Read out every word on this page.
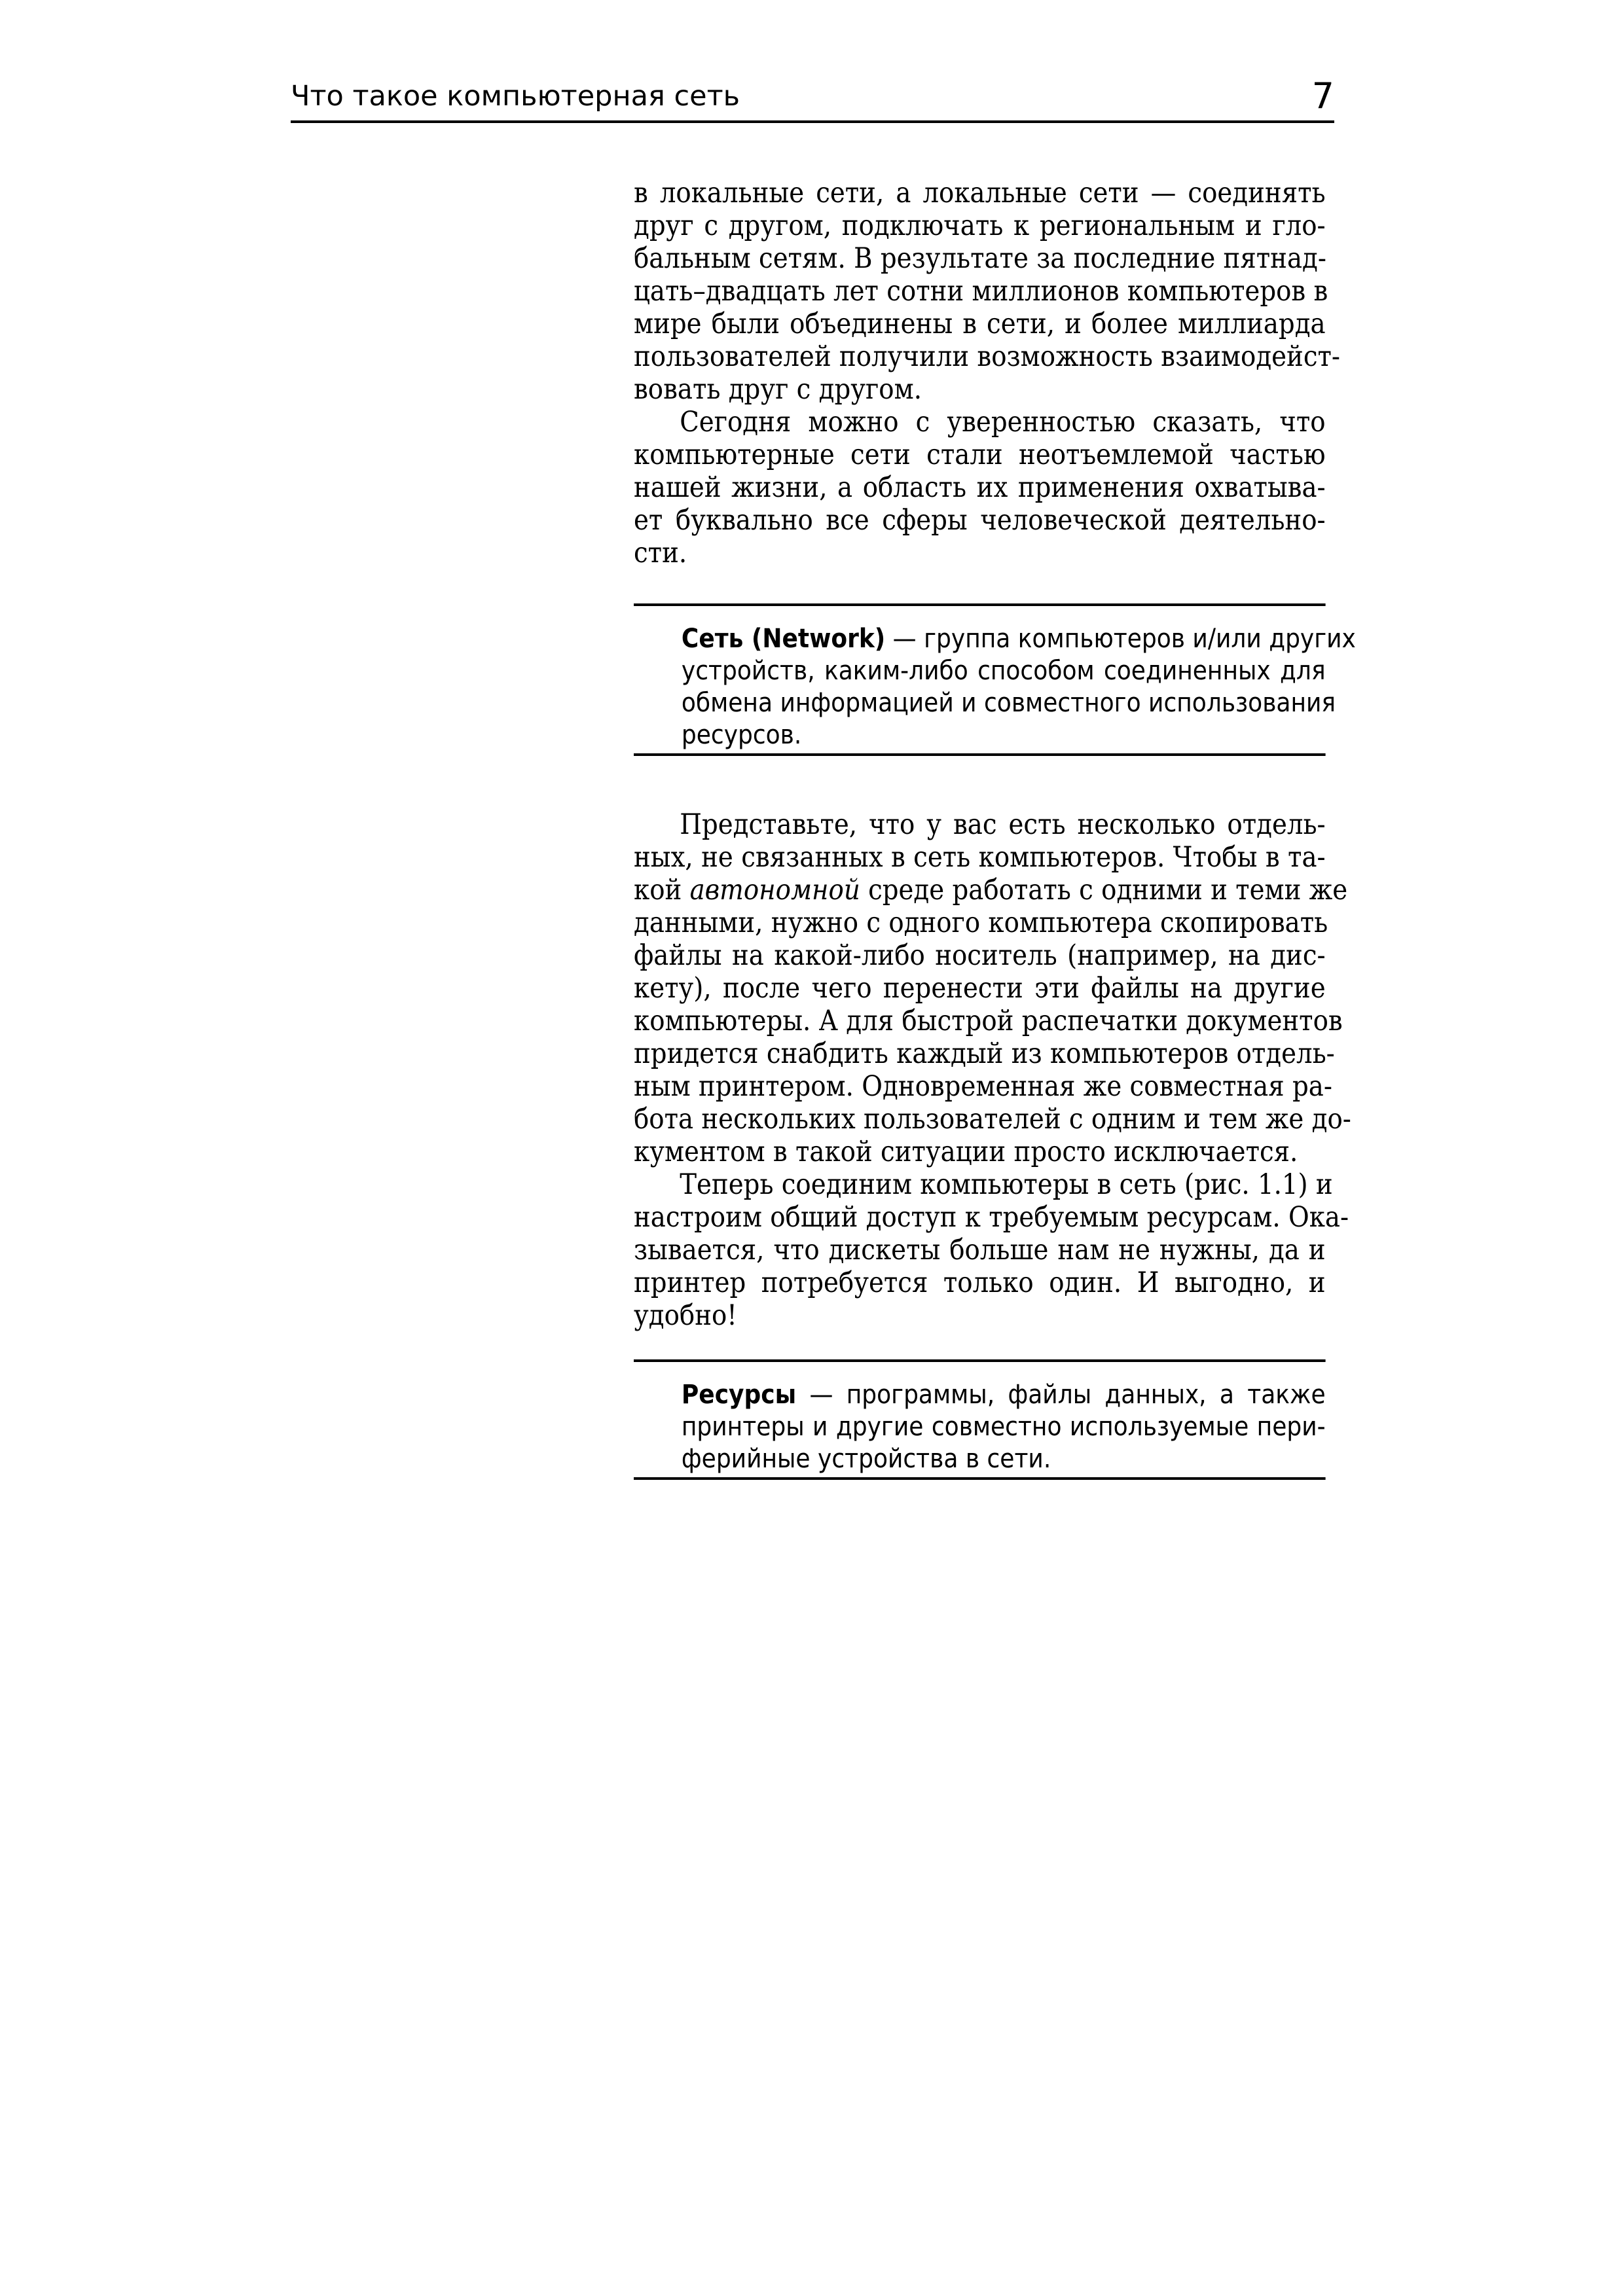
Что такое компьютерная сеть	7
в локальные сети, а локальные сети — соединять
друг с другом, подключать к региональным и гло-
бальным сетям. В результате за последние пятнад-
цать–двадцать лет сотни миллионов компьютеров в
мире были объединены в сети, и более миллиарда
пользователей получили возможность взаимодейст-
вовать друг с другом.
Сегодня можно с уверенностью сказать, что
компьютерные сети стали неотъемлемой частью
нашей жизни, а область их применения охватыва-
ет буквально все сферы человеческой деятельно-
сти.
Сеть (Network) — группа компьютеров и/или других
устройств, каким-либо способом соединенных для
обмена информацией и совместного использования
ресурсов.
Представьте, что у вас есть несколько отдель-
ных, не связанных в сеть компьютеров. Чтобы в та-
кой автономной среде работать с одними и теми же
данными, нужно с одного компьютера скопировать
файлы на какой-либо носитель (например, на дис-
кету), после чего перенести эти файлы на другие
компьютеры. А для быстрой распечатки документов
придется снабдить каждый из компьютеров отдель-
ным принтером. Одновременная же совместная ра-
бота нескольких пользователей с одним и тем же до-
кументом в такой ситуации просто исключается.
Теперь соединим компьютеры в сеть (рис. 1.1) и
настроим общий доступ к требуемым ресурсам. Ока-
зывается, что дискеты больше нам не нужны, да и
принтер потребуется только один. И выгодно, и
удобно!
Ресурсы — программы, файлы данных, а также
принтеры и другие совместно используемые пери-
ферийные устройства в сети.
